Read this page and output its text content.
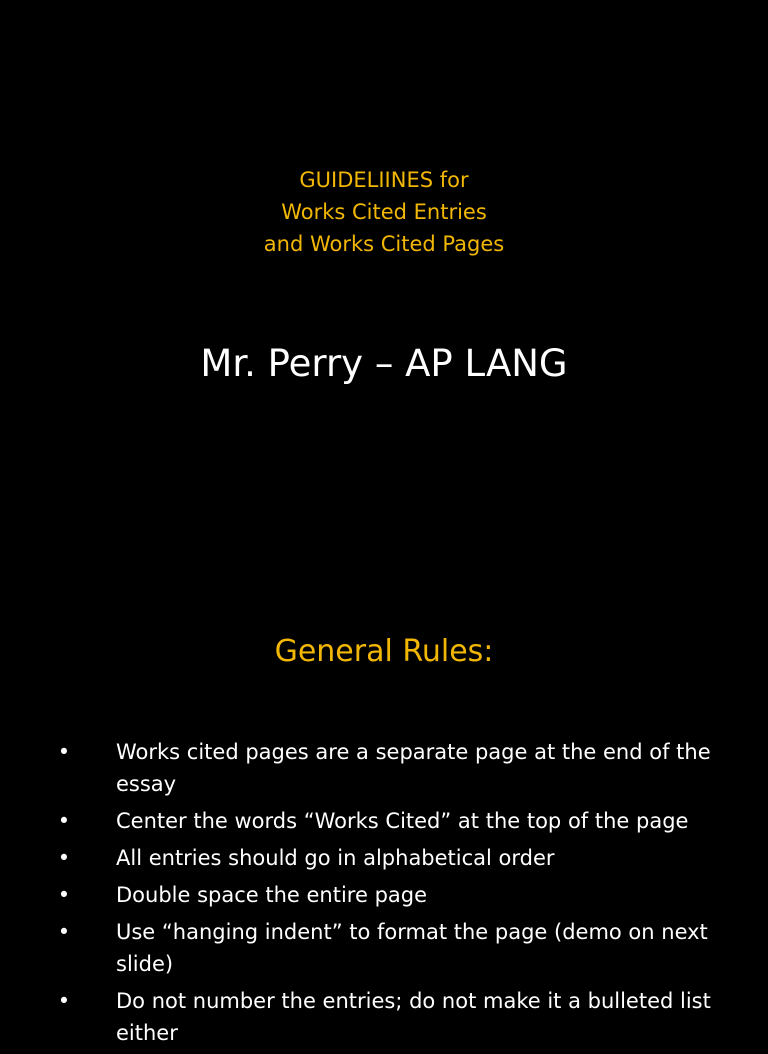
GUIDELIINES for
Works Cited Entries
and Works Cited Pages
Mr. Perry – AP LANG
General Rules:
• Works cited pages are a separate page at the end of the essay
• Center the words “Works Cited” at the top of the page
• All entries should go in alphabetical order
• Double space the entire page
• Use “hanging indent” to format the page (demo on next slide)
• Do not number the entries; do not make it a bulleted list either
